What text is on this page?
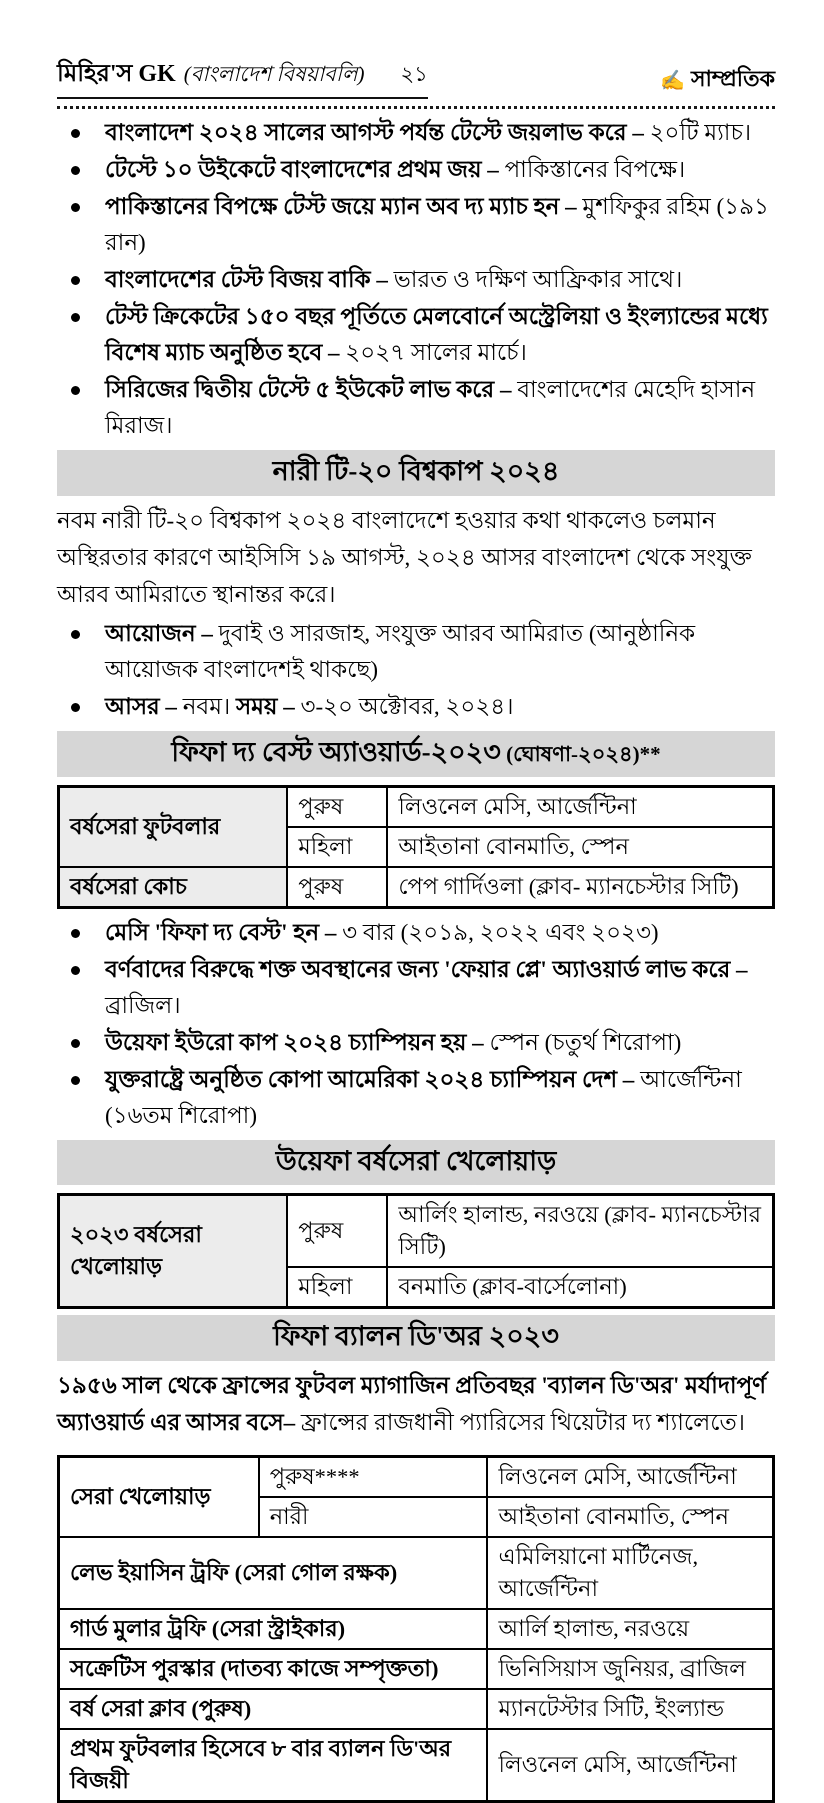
মিহির'স GK (বাংলাদেশ বিষয়াবলি) ২১	✍ সাম্প্রতিক
বাংলাদেশ ২০২৪ সালের আগস্ট পর্যন্ত টেস্টে জয়লাভ করে – ২০টি ম্যাচ।
টেস্টে ১০ উইকেটে বাংলাদেশের প্রথম জয় – পাকিস্তানের বিপক্ষে।
পাকিস্তানের বিপক্ষে টেস্ট জয়ে ম্যান অব দ্য ম্যাচ হন – মুশফিকুর রহিম (১৯১ রান)
বাংলাদেশের টেস্ট বিজয় বাকি – ভারত ও দক্ষিণ আফ্রিকার সাথে।
টেস্ট ক্রিকেটের ১৫০ বছর পূর্তিতে মেলবোর্নে অস্ট্রেলিয়া ও ইংল্যান্ডের মধ্যে বিশেষ ম্যাচ অনুষ্ঠিত হবে – ২০২৭ সালের মার্চে।
সিরিজের দ্বিতীয় টেস্টে ৫ ইউকেট লাভ করে – বাংলাদেশের মেহেদি হাসান মিরাজ।
নারী টি-২০ বিশ্বকাপ ২০২৪
নবম নারী টি-২০ বিশ্বকাপ ২০২৪ বাংলাদেশে হওয়ার কথা থাকলেও চলমান অস্থিরতার কারণে আইসিসি ১৯ আগস্ট, ২০২৪ আসর বাংলাদেশ থেকে সংযুক্ত আরব আমিরাতে স্থানান্তর করে।
আয়োজন – দুবাই ও সারজাহ, সংযুক্ত আরব আমিরাত (আনুষ্ঠানিক আয়োজক বাংলাদেশই থাকছে)
আসর – নবম। সময় – ৩-২০ অক্টোবর, ২০২৪।
ফিফা দ্য বেস্ট অ্যাওয়ার্ড-২০২৩ (ঘোষণা-২০২৪)**
বর্ষসেরা ফুটবলার	পুরুষ	লিওনেল মেসি, আর্জেন্টিনা
	মহিলা	আইতানা বোনমাতি, স্পেন
বর্ষসেরা কোচ	পুরুষ	পেপ গার্দিওলা (ক্লাব- ম্যানচেস্টার সিটি)
মেসি 'ফিফা দ্য বেস্ট' হন – ৩ বার (২০১৯, ২০২২ এবং ২০২৩)
বর্ণবাদের বিরুদ্ধে শক্ত অবস্থানের জন্য 'ফেয়ার প্লে' অ্যাওয়ার্ড লাভ করে – ব্রাজিল।
উয়েফা ইউরো কাপ ২০২৪ চ্যাম্পিয়ন হয় – স্পেন (চতুর্থ শিরোপা)
যুক্তরাষ্ট্রে অনুষ্ঠিত কোপা আমেরিকা ২০২৪ চ্যাম্পিয়ন দেশ – আর্জেন্টিনা (১৬তম শিরোপা)
উয়েফা বর্ষসেরা খেলোয়াড়
২০২৩ বর্ষসেরা খেলোয়াড়	পুরুষ	আর্লিং হালান্ড, নরওয়ে (ক্লাব- ম্যানচেস্টার সিটি)
	মহিলা	বনমাতি (ক্লাব-বার্সেলোনা)
ফিফা ব্যালন ডি'অর ২০২৩
১৯৫৬ সাল থেকে ফ্রান্সের ফুটবল ম্যাগাজিন প্রতিবছর 'ব্যালন ডি'অর' মর্যাদাপূর্ণ অ্যাওয়ার্ড এর আসর বসে– ফ্রান্সের রাজধানী প্যারিসের থিয়েটার দ্য শ্যালেতে।
সেরা খেলোয়াড়	পুরুষ****	লিওনেল মেসি, আর্জেন্টিনা
	নারী	আইতানা বোনমাতি, স্পেন
লেভ ইয়াসিন ট্রফি (সেরা গোল রক্ষক)		এমিলিয়ানো মার্টিনেজ, আর্জেন্টিনা
গার্ড মুলার ট্রফি (সেরা স্ট্রাইকার)		আর্লি হালান্ড, নরওয়ে
সক্রেটিস পুরস্কার (দাতব্য কাজে সম্পৃক্ততা)		ভিনিসিয়াস জুনিয়র, ব্রাজিল
বর্ষ সেরা ক্লাব (পুরুষ)		ম্যানটেস্টার সিটি, ইংল্যান্ড
প্রথম ফুটবলার হিসেবে ৮ বার ব্যালন ডি'অর বিজয়ী		লিওনেল মেসি, আর্জেন্টিনা
